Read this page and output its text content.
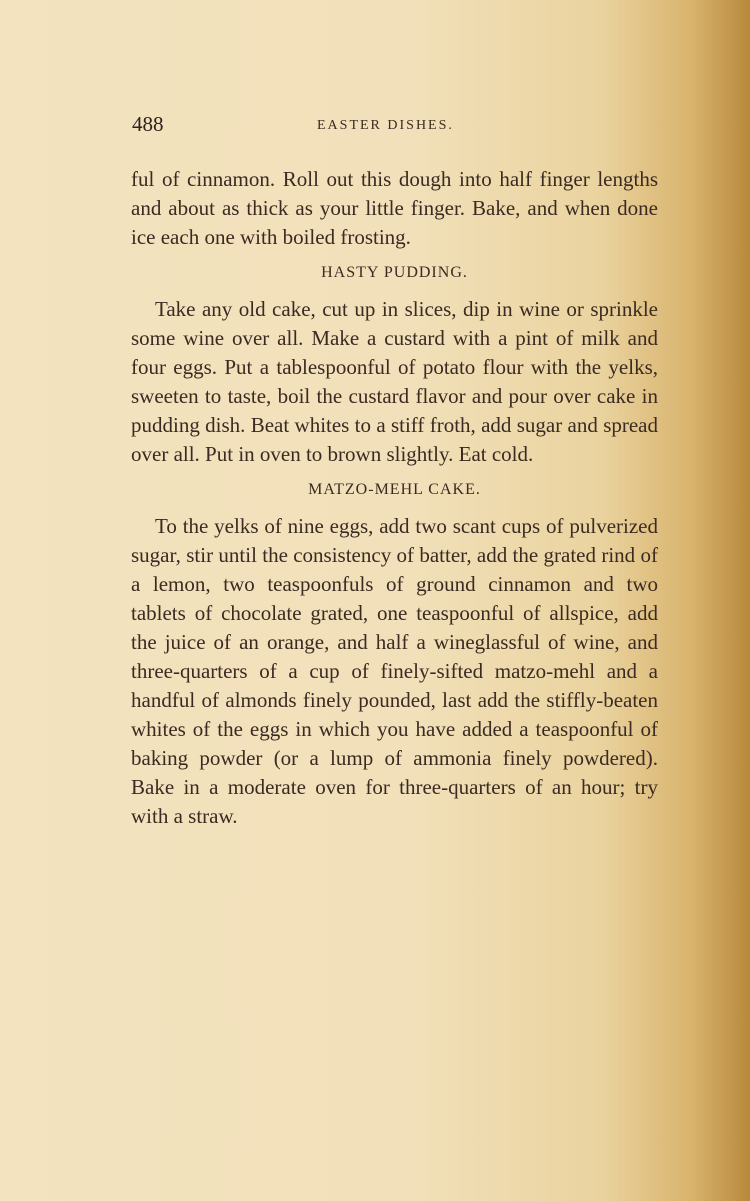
488	EASTER DISHES.

ful of cinnamon. Roll out this dough into half finger lengths and about as thick as your little finger. Bake, and when done ice each one with boiled frosting.

HASTY PUDDING.

Take any old cake, cut up in slices, dip in wine or sprinkle some wine over all. Make a custard with a pint of milk and four eggs. Put a tablespoonful of potato flour with the yelks, sweeten to taste, boil the custard flavor and pour over cake in pudding dish. Beat whites to a stiff froth, add sugar and spread over all. Put in oven to brown slightly. Eat cold.

MATZO-MEHL CAKE.

To the yelks of nine eggs, add two scant cups of pulverized sugar, stir until the consistency of batter, add the grated rind of a lemon, two teaspoonfuls of ground cinnamon and two tablets of chocolate grated, one teaspoonful of allspice, add the juice of an orange, and half a wineglassful of wine, and three-quarters of a cup of finely-sifted matzo-mehl and a handful of almonds finely pounded, last add the stiffly-beaten whites of the eggs in which you have added a teaspoonful of baking powder (or a lump of ammonia finely powdered). Bake in a moderate oven for three-quarters of an hour; try with a straw.
